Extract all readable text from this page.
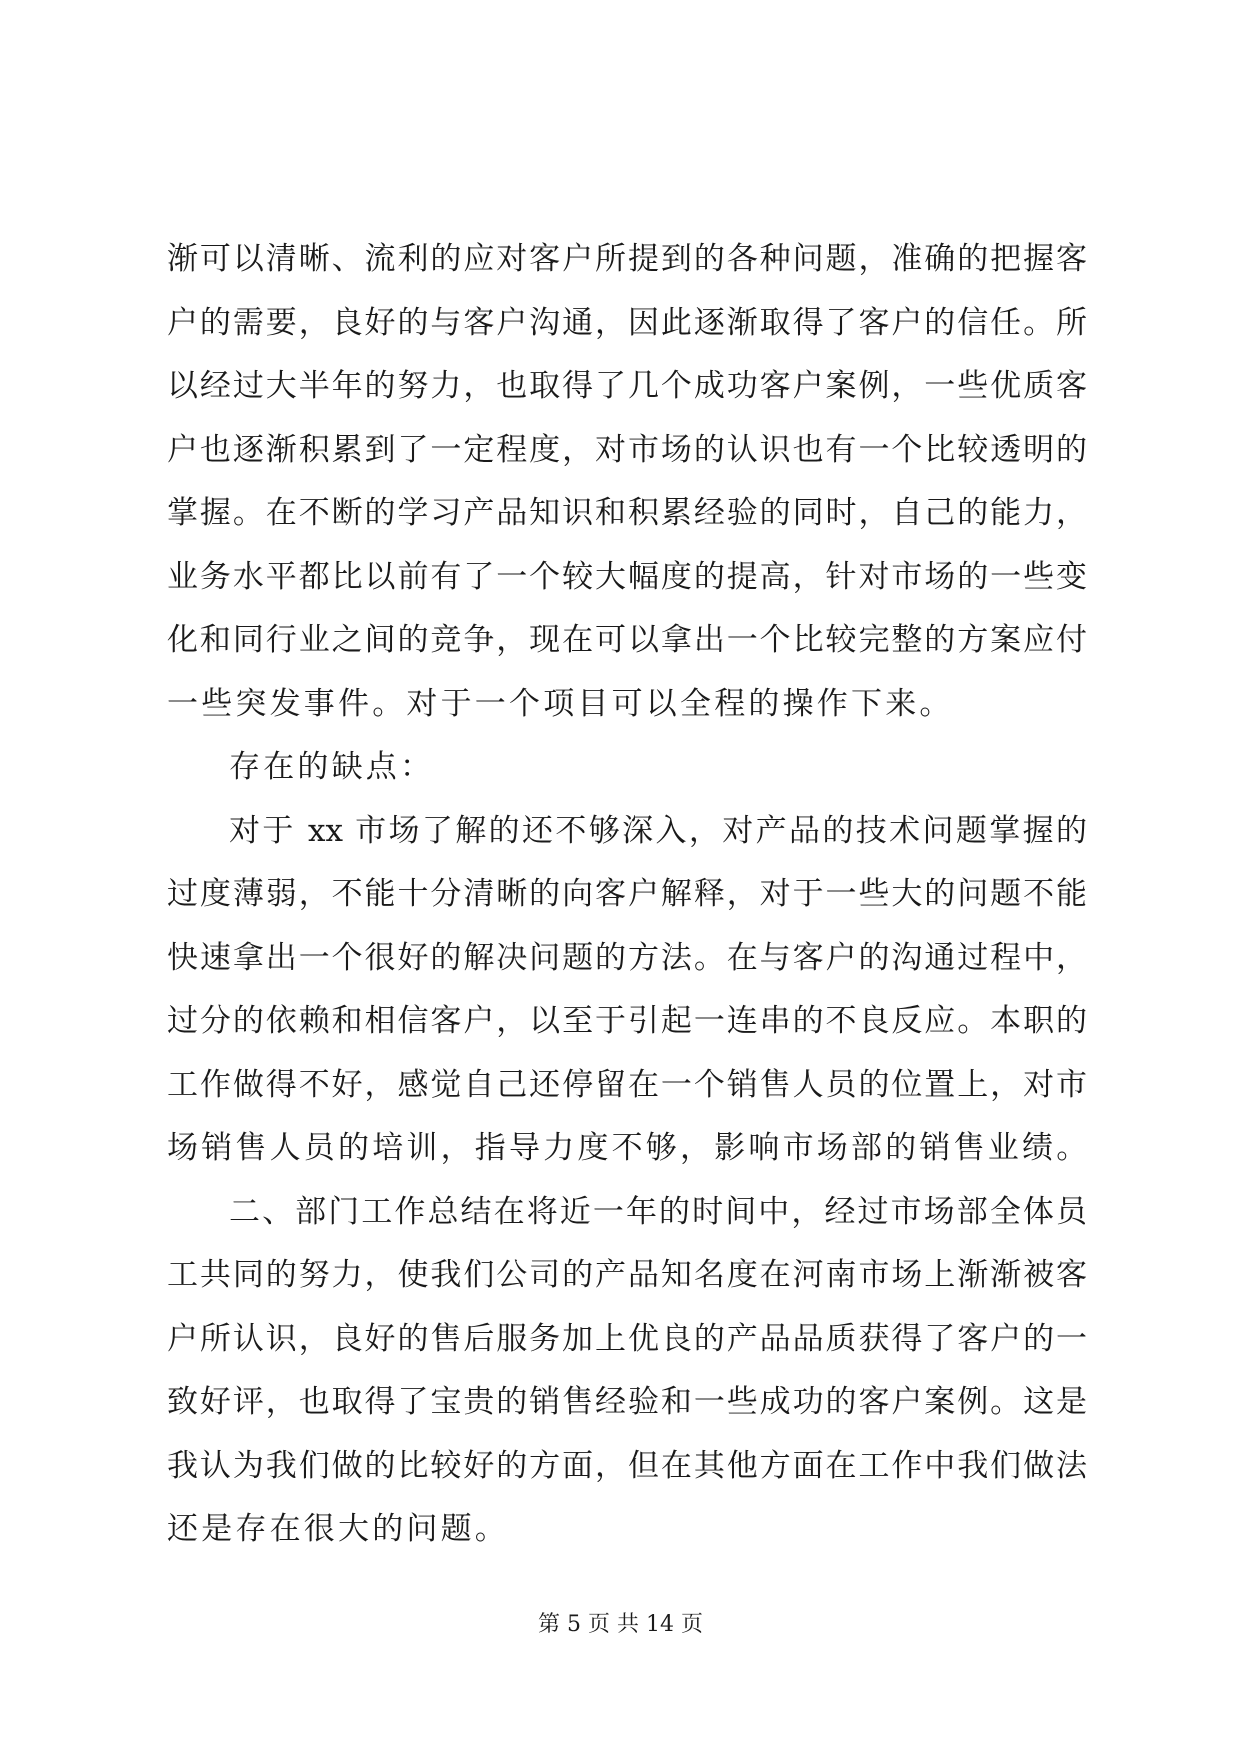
渐可以清晰、流利的应对客户所提到的各种问题，准确的把握客
户的需要，良好的与客户沟通，因此逐渐取得了客户的信任。所
以经过大半年的努力，也取得了几个成功客户案例，一些优质客
户也逐渐积累到了一定程度，对市场的认识也有一个比较透明的
掌握。在不断的学习产品知识和积累经验的同时，自己的能力，
业务水平都比以前有了一个较大幅度的提高，针对市场的一些变
化和同行业之间的竞争，现在可以拿出一个比较完整的方案应付
一些突发事件。对于一个项目可以全程的操作下来。
存在的缺点：
对于 xx 市场了解的还不够深入，对产品的技术问题掌握的
过度薄弱，不能十分清晰的向客户解释，对于一些大的问题不能
快速拿出一个很好的解决问题的方法。在与客户的沟通过程中，
过分的依赖和相信客户，以至于引起一连串的不良反应。本职的
工作做得不好，感觉自己还停留在一个销售人员的位置上，对市
场销售人员的培训，指导力度不够，影响市场部的销售业绩。
二、部门工作总结在将近一年的时间中，经过市场部全体员
工共同的努力，使我们公司的产品知名度在河南市场上渐渐被客
户所认识，良好的售后服务加上优良的产品品质获得了客户的一
致好评，也取得了宝贵的销售经验和一些成功的客户案例。这是
我认为我们做的比较好的方面，但在其他方面在工作中我们做法
还是存在很大的问题。
第 5 页 共 14 页
